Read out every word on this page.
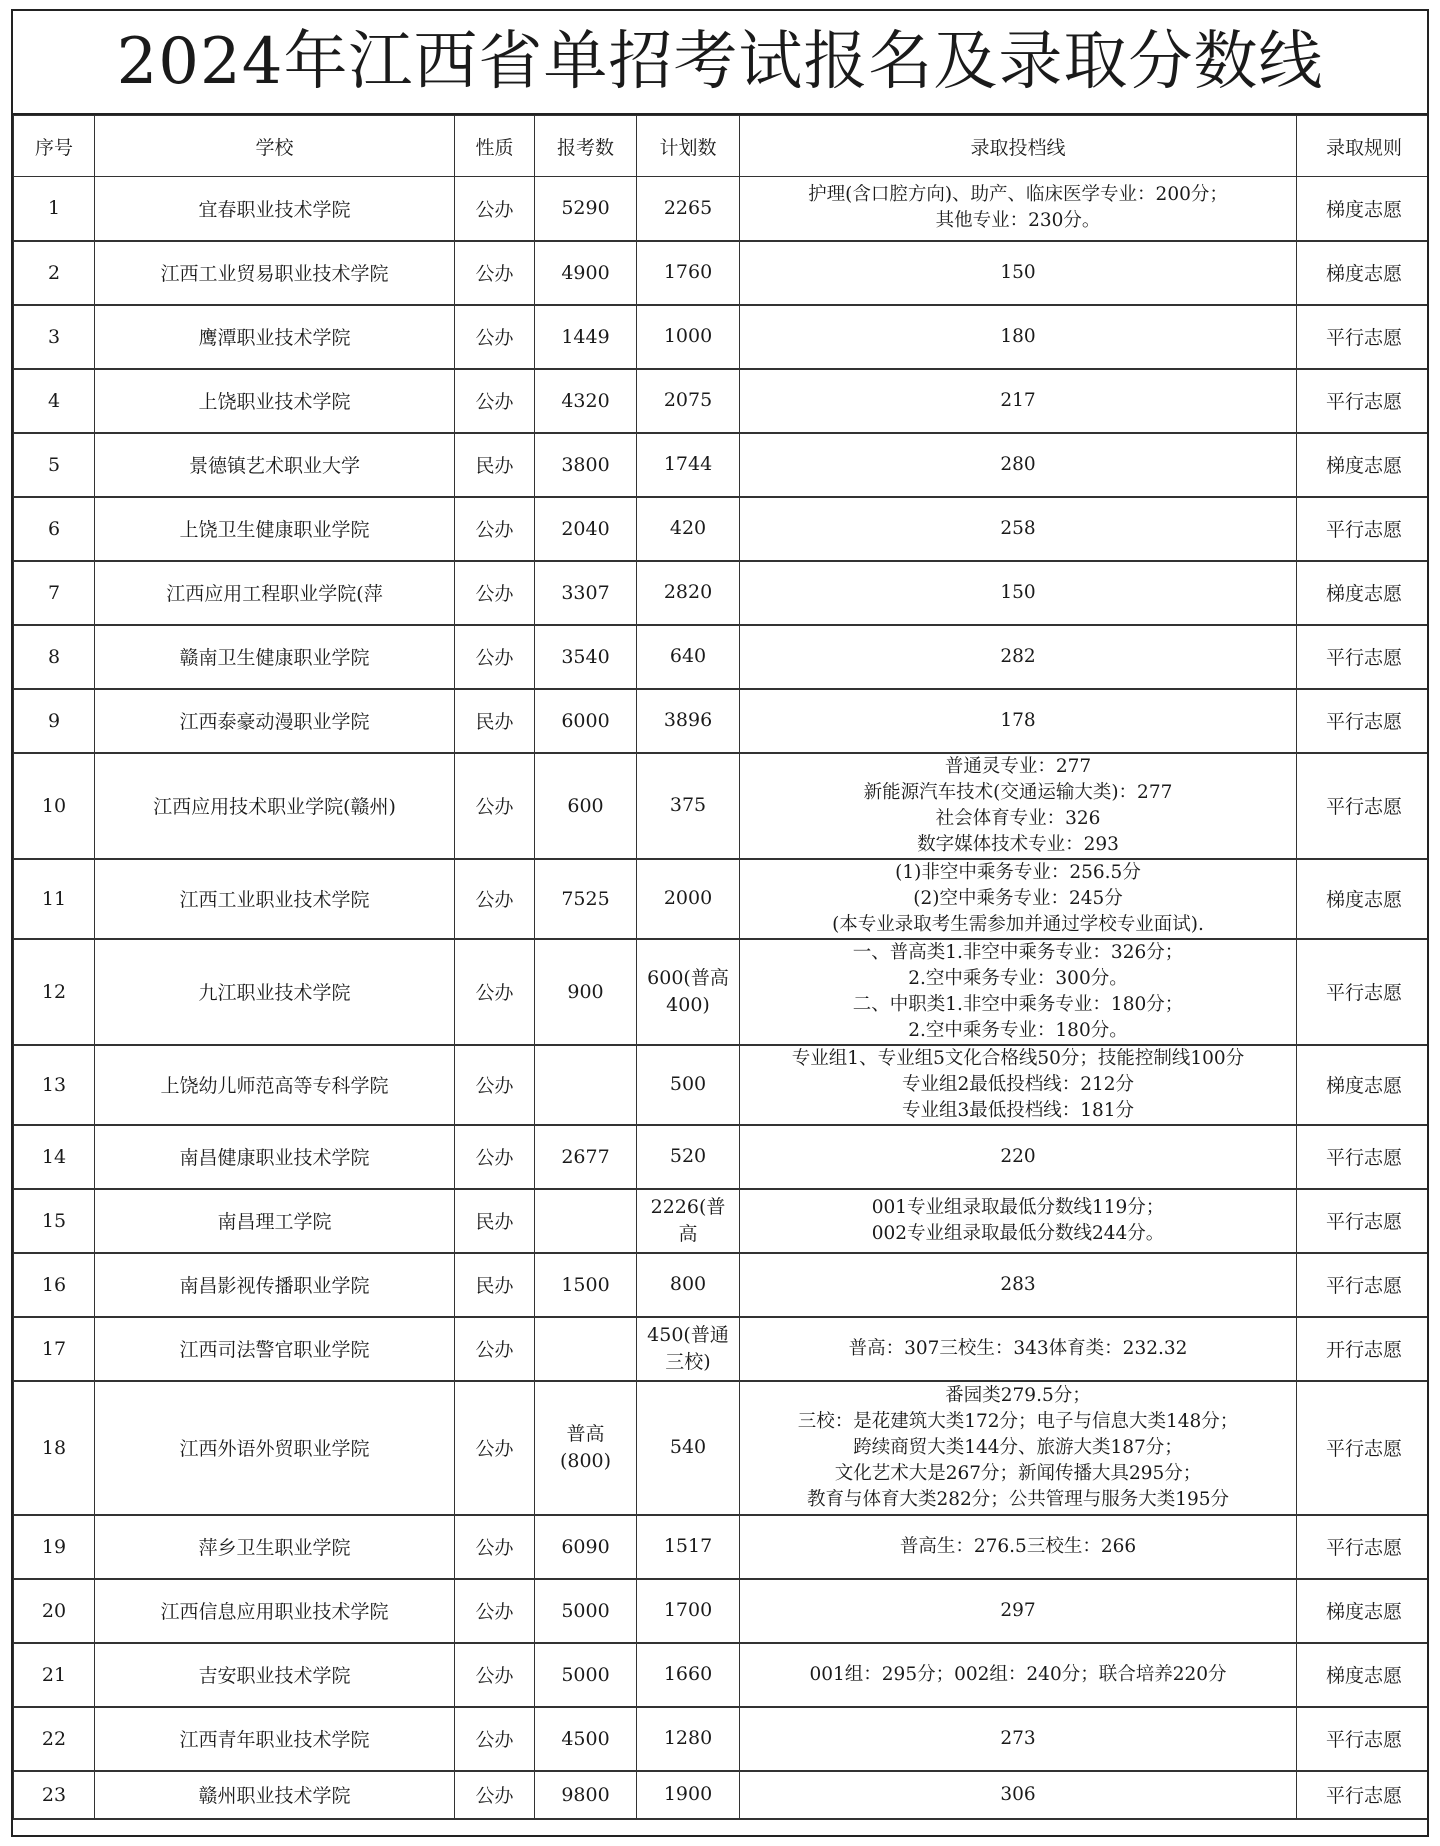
2024年江西省单招考试报名及录取分数线
序号	学校	性质	报考数	计划数	录取投档线	录取规则
1	宜春职业技术学院	公办	5290	2265	护理(含口腔方向)、助产、临床医学专业：200分；
其他专业：230分。	梯度志愿
2	江西工业贸易职业技术学院	公办	4900	1760	150	梯度志愿
3	鹰潭职业技术学院	公办	1449	1000	180	平行志愿
4	上饶职业技术学院	公办	4320	2075	217	平行志愿
5	景德镇艺术职业大学	民办	3800	1744	280	梯度志愿
6	上饶卫生健康职业学院	公办	2040	420	258	平行志愿
7	江西应用工程职业学院(萍	公办	3307	2820	150	梯度志愿
8	赣南卫生健康职业学院	公办	3540	640	282	平行志愿
9	江西泰豪动漫职业学院	民办	6000	3896	178	平行志愿
10	江西应用技术职业学院(赣州)	公办	600	375	普通灵专业：277
新能源汽车技术(交通运输大类)：277
社会体育专业：326
数字媒体技术专业：293	平行志愿
11	江西工业职业技术学院	公办	7525	2000	(1)非空中乘务专业：256.5分
(2)空中乘务专业：245分
(本专业录取考生需参加并通过学校专业面试).	梯度志愿
12	九江职业技术学院	公办	900	600(普高
400)	一、普高类1.非空中乘务专业：326分；
2.空中乘务专业：300分。
二、中职类1.非空中乘务专业：180分；
2.空中乘务专业：180分。	平行志愿
13	上饶幼儿师范高等专科学院	公办		500	专业组1、专业组5文化合格线50分；技能控制线100分
专业组2最低投档线：212分
专业组3最低投档线：181分	梯度志愿
14	南昌健康职业技术学院	公办	2677	520	220	平行志愿
15	南昌理工学院	民办		2226(普
高	001专业组录取最低分数线119分；
002专业组录取最低分数线244分。	平行志愿
16	南昌影视传播职业学院	民办	1500	800	283	平行志愿
17	江西司法警官职业学院	公办		450(普通
三校)	普高：307三校生：343体育类：232.32	开行志愿
18	江西外语外贸职业学院	公办	普高
(800)	540	番园类279.5分；
三校：是花建筑大类172分；电子与信息大类148分；
跨续商贸大类144分、旅游大类187分；
文化艺术大是267分；新闻传播大具295分；
教育与体育大类282分；公共管理与服务大类195分	平行志愿
19	萍乡卫生职业学院	公办	6090	1517	普高生：276.5三校生：266	平行志愿
20	江西信息应用职业技术学院	公办	5000	1700	297	梯度志愿
21	吉安职业技术学院	公办	5000	1660	001组：295分；002组：240分；联合培养220分	梯度志愿
22	江西青年职业技术学院	公办	4500	1280	273	平行志愿
23	赣州职业技术学院	公办	9800	1900	306	平行志愿
